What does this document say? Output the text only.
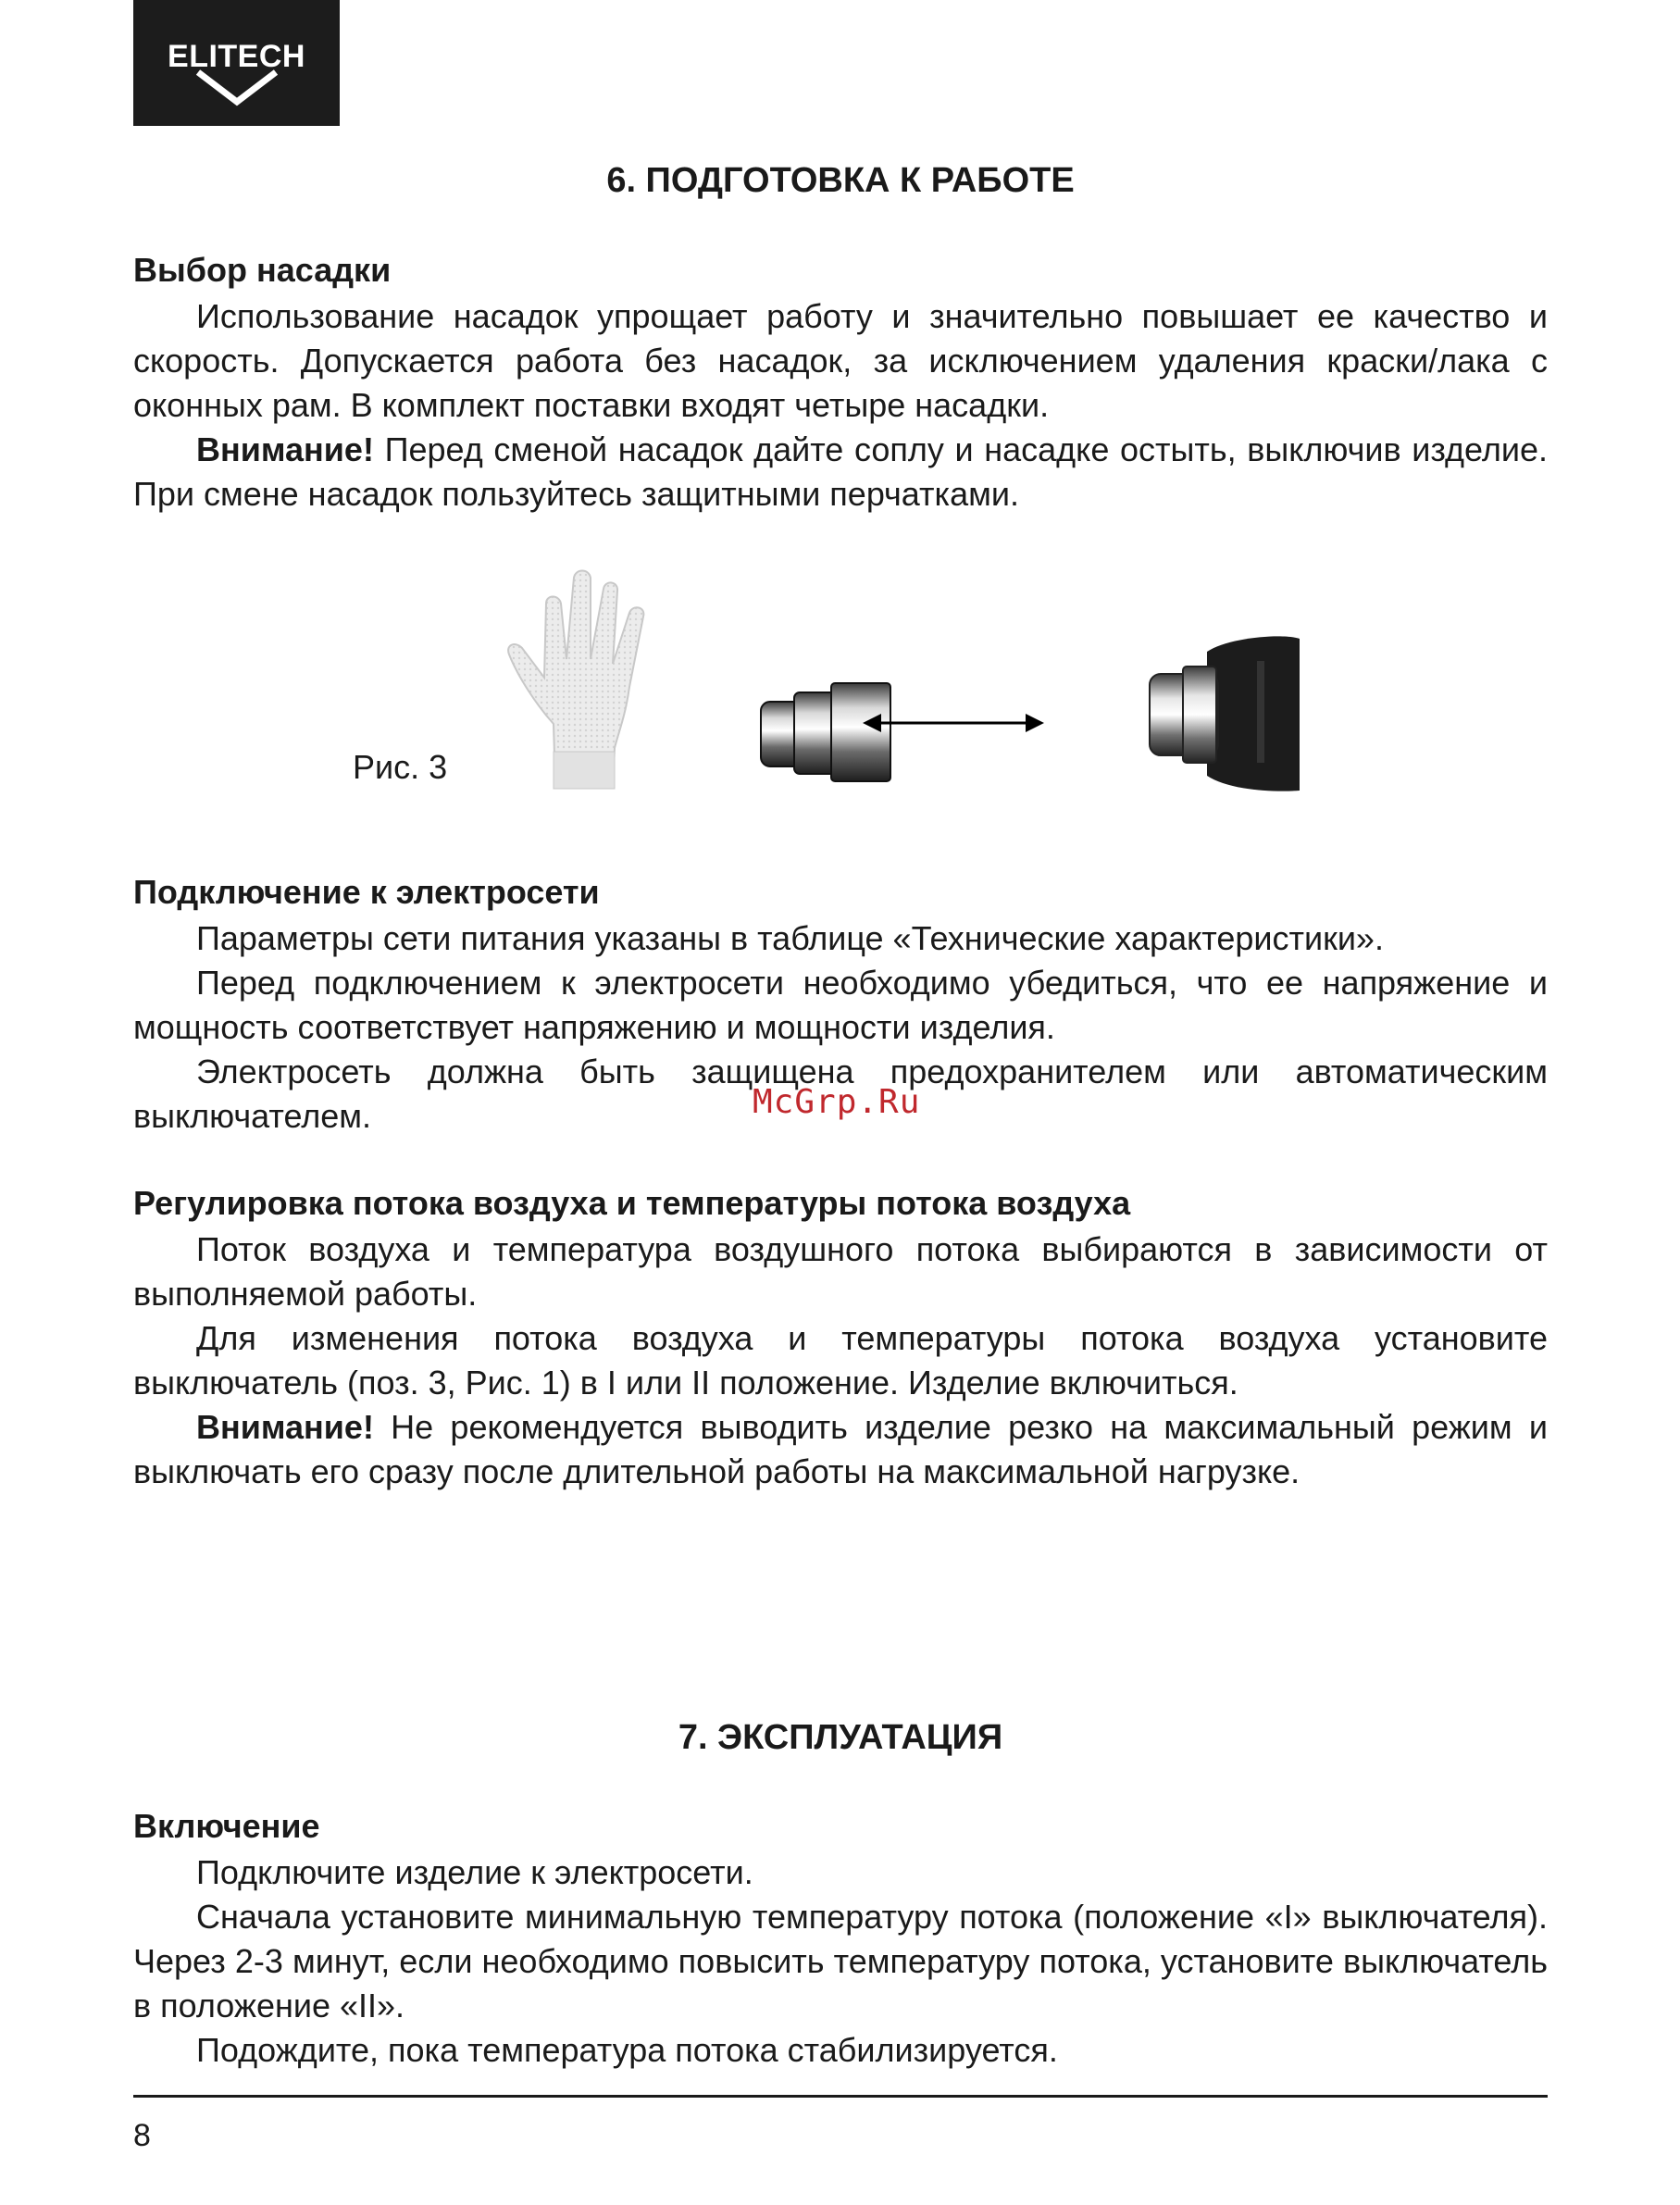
ELITECH
6. ПОДГОТОВКА К РАБОТЕ
Выбор насадки

Использование насадок упрощает работу и значительно повышает ее качество и скорость. Допускается работа без насадок, за исключением удаления краски/лака с оконных рам. В комплект поставки входят четыре насадки.

Внимание! Перед сменой насадок дайте соплу и насадке остыть, выключив изделие. При смене насадок пользуйтесь защитными перчатками.

Рис. 3
Подключение к электросети

Параметры сети питания указаны в таблице «Технические характеристики».

Перед подключением к электросети необходимо убедиться, что ее напряжение и мощность соответствует напряжению и мощности изделия.

Электросеть должна быть защищена предохранителем или автоматическим выключателем.	McGrp.Ru
Регулировка потока воздуха и температуры потока воздуха

Поток воздуха и температура воздушного потока выбираются в зависимости от выполняемой работы.

Для изменения потока воздуха и температуры потока воздуха установите выключатель (поз. 3, Рис. 1) в I или II положение. Изделие включиться.

Внимание! Не рекомендуется выводить изделие резко на максимальный режим и выключать его сразу после длительной работы на максимальной нагрузке.

7. ЭКСПЛУАТАЦИЯ
Включение

Подключите изделие к электросети.

Сначала установите минимальную температуру потока (положение «I» выключателя). Через 2-3 минут, если необходимо повысить температуру потока, установите выключатель в положение «II».

Подождите, пока температура потока стабилизируется.

8
